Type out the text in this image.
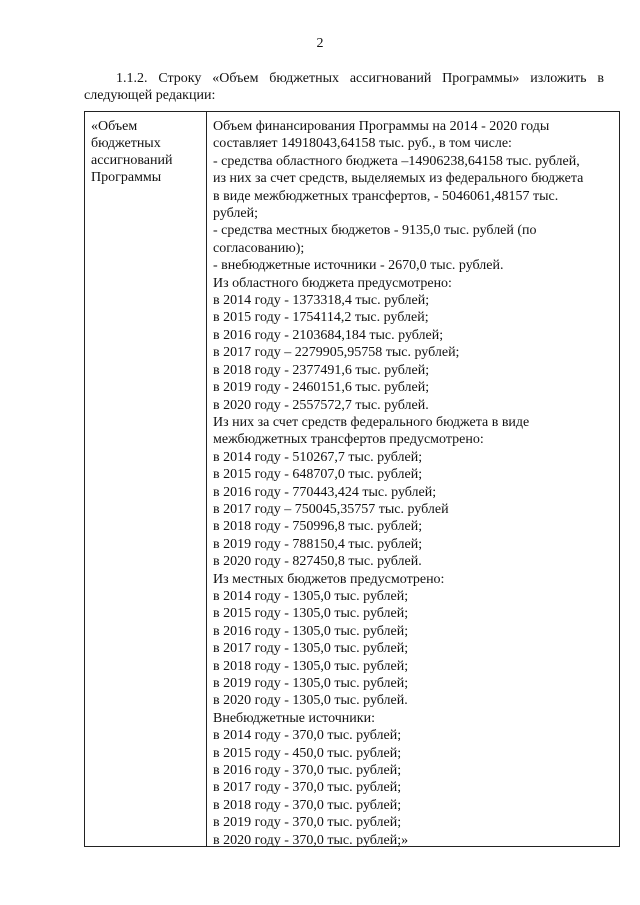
2
1.1.2. Строку «Объем бюджетных ассигнований Программы» изложить в
следующей редакции:
«Объем
бюджетных
ассигнований
Программы
Объем финансирования Программы на 2014 - 2020 годы
составляет 14918043,64158 тыс. руб., в том числе:
- средства областного бюджета –14906238,64158 тыс. рублей,
из них за счет средств, выделяемых из федерального бюджета
в виде межбюджетных трансфертов, - 5046061,48157 тыс.
рублей;
- средства местных бюджетов - 9135,0 тыс. рублей (по
согласованию);
- внебюджетные источники - 2670,0 тыс. рублей.
Из областного бюджета предусмотрено:
в 2014 году - 1373318,4 тыс. рублей;
в 2015 году - 1754114,2 тыс. рублей;
в 2016 году - 2103684,184 тыс. рублей;
в 2017 году – 2279905,95758 тыс. рублей;
в 2018 году - 2377491,6 тыс. рублей;
в 2019 году - 2460151,6 тыс. рублей;
в 2020 году - 2557572,7 тыс. рублей.
Из них за счет средств федерального бюджета в виде
межбюджетных трансфертов предусмотрено:
в 2014 году - 510267,7 тыс. рублей;
в 2015 году - 648707,0 тыс. рублей;
в 2016 году - 770443,424 тыс. рублей;
в 2017 году – 750045,35757 тыс. рублей
в 2018 году - 750996,8 тыс. рублей;
в 2019 году - 788150,4 тыс. рублей;
в 2020 году - 827450,8 тыс. рублей.
Из местных бюджетов предусмотрено:
в 2014 году - 1305,0 тыс. рублей;
в 2015 году - 1305,0 тыс. рублей;
в 2016 году - 1305,0 тыс. рублей;
в 2017 году - 1305,0 тыс. рублей;
в 2018 году - 1305,0 тыс. рублей;
в 2019 году - 1305,0 тыс. рублей;
в 2020 году - 1305,0 тыс. рублей.
Внебюджетные источники:
в 2014 году - 370,0 тыс. рублей;
в 2015 году - 450,0 тыс. рублей;
в 2016 году - 370,0 тыс. рублей;
в 2017 году - 370,0 тыс. рублей;
в 2018 году - 370,0 тыс. рублей;
в 2019 году - 370,0 тыс. рублей;
в 2020 году - 370,0 тыс. рублей;»
